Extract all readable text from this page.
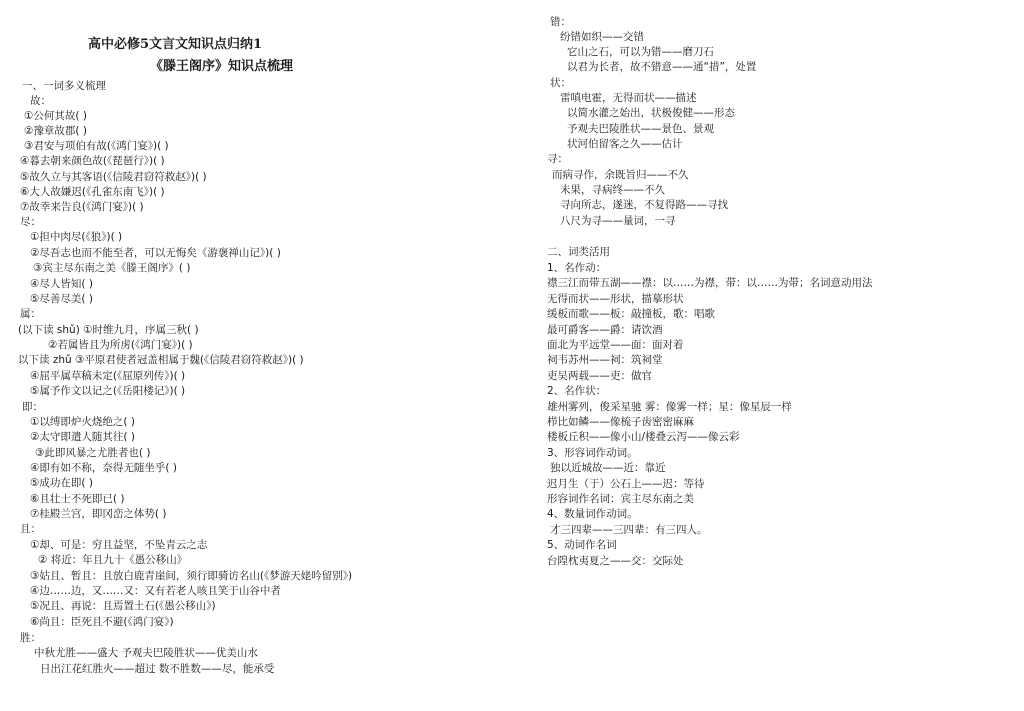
高中必修5文言文知识点归纳1
《滕王阁序》知识点梳理
一、一词多义梳理
故：
①公何其故( )
②豫章故郡( )
③君安与项伯有故(《鸿门宴》)( )
④暮去朝来颜色故(《琵琶行》)( )
⑤故久立与其客语(《信陵君窃符救赵》)( )
⑥大人故嫌迟(《孔雀东南飞》)( )
⑦故幸来告良(《鸿门宴》)( )
尽：
①担中肉尽(《狼》)( )
②尽吾志也而不能至者，可以无悔矣《游褒禅山记》)( )
③宾主尽东南之美《滕王阁序》( )
④尽人皆知( )
⑤尽善尽美( )
属：
(以下读 shǔ) ①时维九月，序属三秋( )
②若属皆且为所虏(《鸿门宴》)( )
以下读 zhǔ ③平原君使者冠盖相属于魏(《信陵君窃符救赵》)( )
④屈平属草稿未定(《屈原列传》)( )
⑤属予作文以记之(《岳阳楼记》)( )
即：
①以缚即炉火烧绝之( )
②太守即遣人随其往( )
③此即风暴之尤胜者也( )
④即有如不称，奈得无随坐乎( )
⑤成功在即( )
⑥且壮士不死即已( )
⑦桂殿兰宫，即冈峦之体势( )
且：
①却、可是：穷且益坚，不坠青云之志
② 将近：年且九十《愚公移山》
③姑且、暂且：且放白鹿青崖间，须行即骑访名山(《梦游天姥吟留别》)
④边……边，又……又：又有若老人咳且笑于山谷中者
⑤况且、再说：且焉置土石(《愚公移山》)
⑥尚且：臣死且不避(《鸿门宴》)
胜：
中秋尤胜——盛大 予观夫巴陵胜状——优美山水
日出江花红胜火——超过 数不胜数——尽，能承受
错：
纷错如织——交错
它山之石，可以为错——磨刀石
以君为长者，故不错意——通“措”，处置
状：
雷嗔电霍，无得而状——描述
以简水灌之始出，状极俊健——形态
予观夫巴陵胜状——景色、景观
状河伯留客之久——估计
寻：
而病寻作，余既旨归——不久
未果，寻病终——不久
寻向所志，遂迷，不复得路——寻找
八尺为寻——量词，一寻
二、词类活用
1、名作动：
襟三江而带五湖——襟：以……为襟，带：以……为带；名词意动用法
无得而状——形状，描摹形状
缓板而歌——板：敲撞板，歌：唱歌
最可爵客——爵：请饮酒
面北为平远堂——面：面对着
祠韦苏州——祠：筑祠堂
吏吴两载——吏：做官
2、名作状：
雄州雾列，俊采星驰 雾：像雾一样；星：像星辰一样
栉比如鳞——像梳子齿密密麻麻
楼板丘积——像小山/楼叠云泻——像云彩
3、形容词作动词。
独以近城故——近：靠近
迟月生（于）公石上——迟：等待
形容词作名词：宾主尽东南之美
4、数量词作动词。
才三四辈——三四辈：有三四人。
5、动词作名词
台隍枕夷夏之——交：交际处
